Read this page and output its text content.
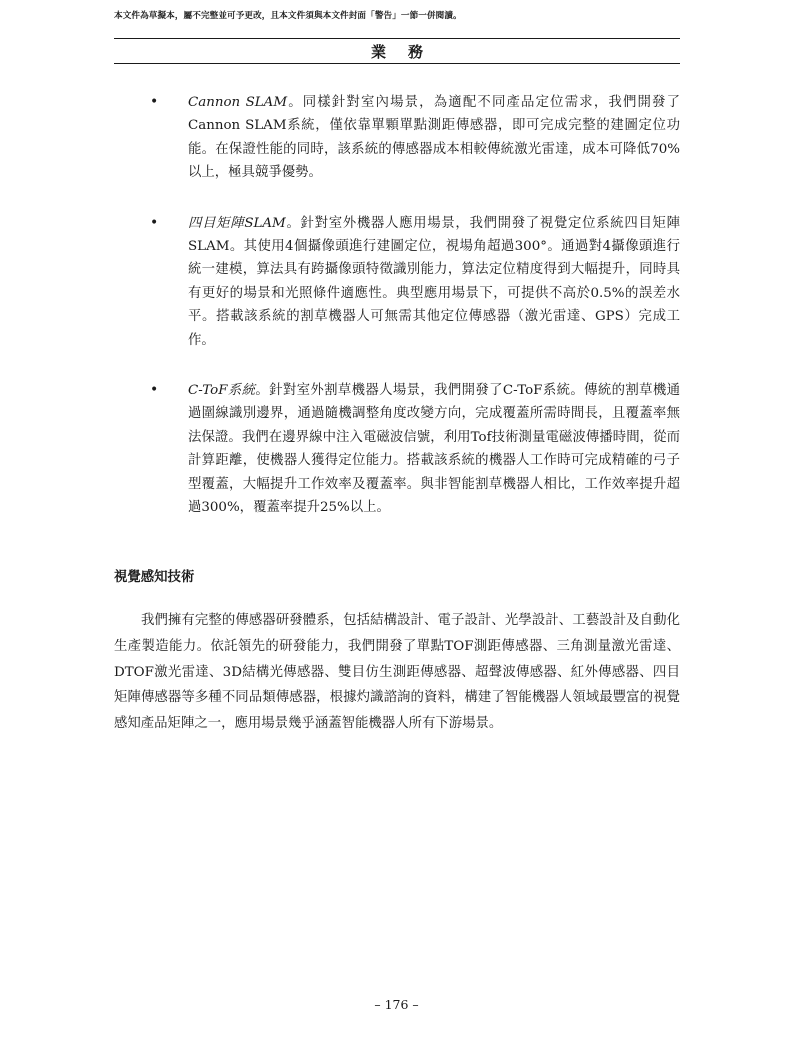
本文件為草擬本，屬不完整並可予更改，且本文件須與本文件封面「警告」一節一併閱讀。
業務
• Cannon SLAM。同樣針對室內場景，為適配不同產品定位需求，我們開發了Cannon SLAM系統，僅依靠單顆單點測距傳感器，即可完成完整的建圖定位功能。在保證性能的同時，該系統的傳感器成本相較傳統激光雷達，成本可降低70%以上，極具競爭優勢。
• 四目矩陣SLAM。針對室外機器人應用場景，我們開發了視覺定位系統四目矩陣SLAM。其使用4個攝像頭進行建圖定位，視場角超過300°。通過對4攝像頭進行統一建模，算法具有跨攝像頭特徵識別能力，算法定位精度得到大幅提升，同時具有更好的場景和光照條件適應性。典型應用場景下，可提供不高於0.5%的誤差水平。搭載該系統的割草機器人可無需其他定位傳感器（激光雷達、GPS）完成工作。
• C-ToF系統。針對室外割草機器人場景，我們開發了C-ToF系統。傳統的割草機通過圍線識別邊界，通過隨機調整角度改變方向，完成覆蓋所需時間長，且覆蓋率無法保證。我們在邊界線中注入電磁波信號，利用Tof技術測量電磁波傳播時間，從而計算距離，使機器人獲得定位能力。搭載該系統的機器人工作時可完成精確的弓子型覆蓋，大幅提升工作效率及覆蓋率。與非智能割草機器人相比，工作效率提升超過300%，覆蓋率提升25%以上。
視覺感知技術

我們擁有完整的傳感器研發體系，包括結構設計、電子設計、光學設計、工藝設計及自動化生產製造能力。依託領先的研發能力，我們開發了單點TOF測距傳感器、三角測量激光雷達、DTOF激光雷達、3D結構光傳感器、雙目仿生測距傳感器、超聲波傳感器、紅外傳感器、四目矩陣傳感器等多種不同品類傳感器，根據灼識諮詢的資料，構建了智能機器人領域最豐富的視覺感知產品矩陣之一，應用場景幾乎涵蓋智能機器人所有下游場景。

– 176 –
